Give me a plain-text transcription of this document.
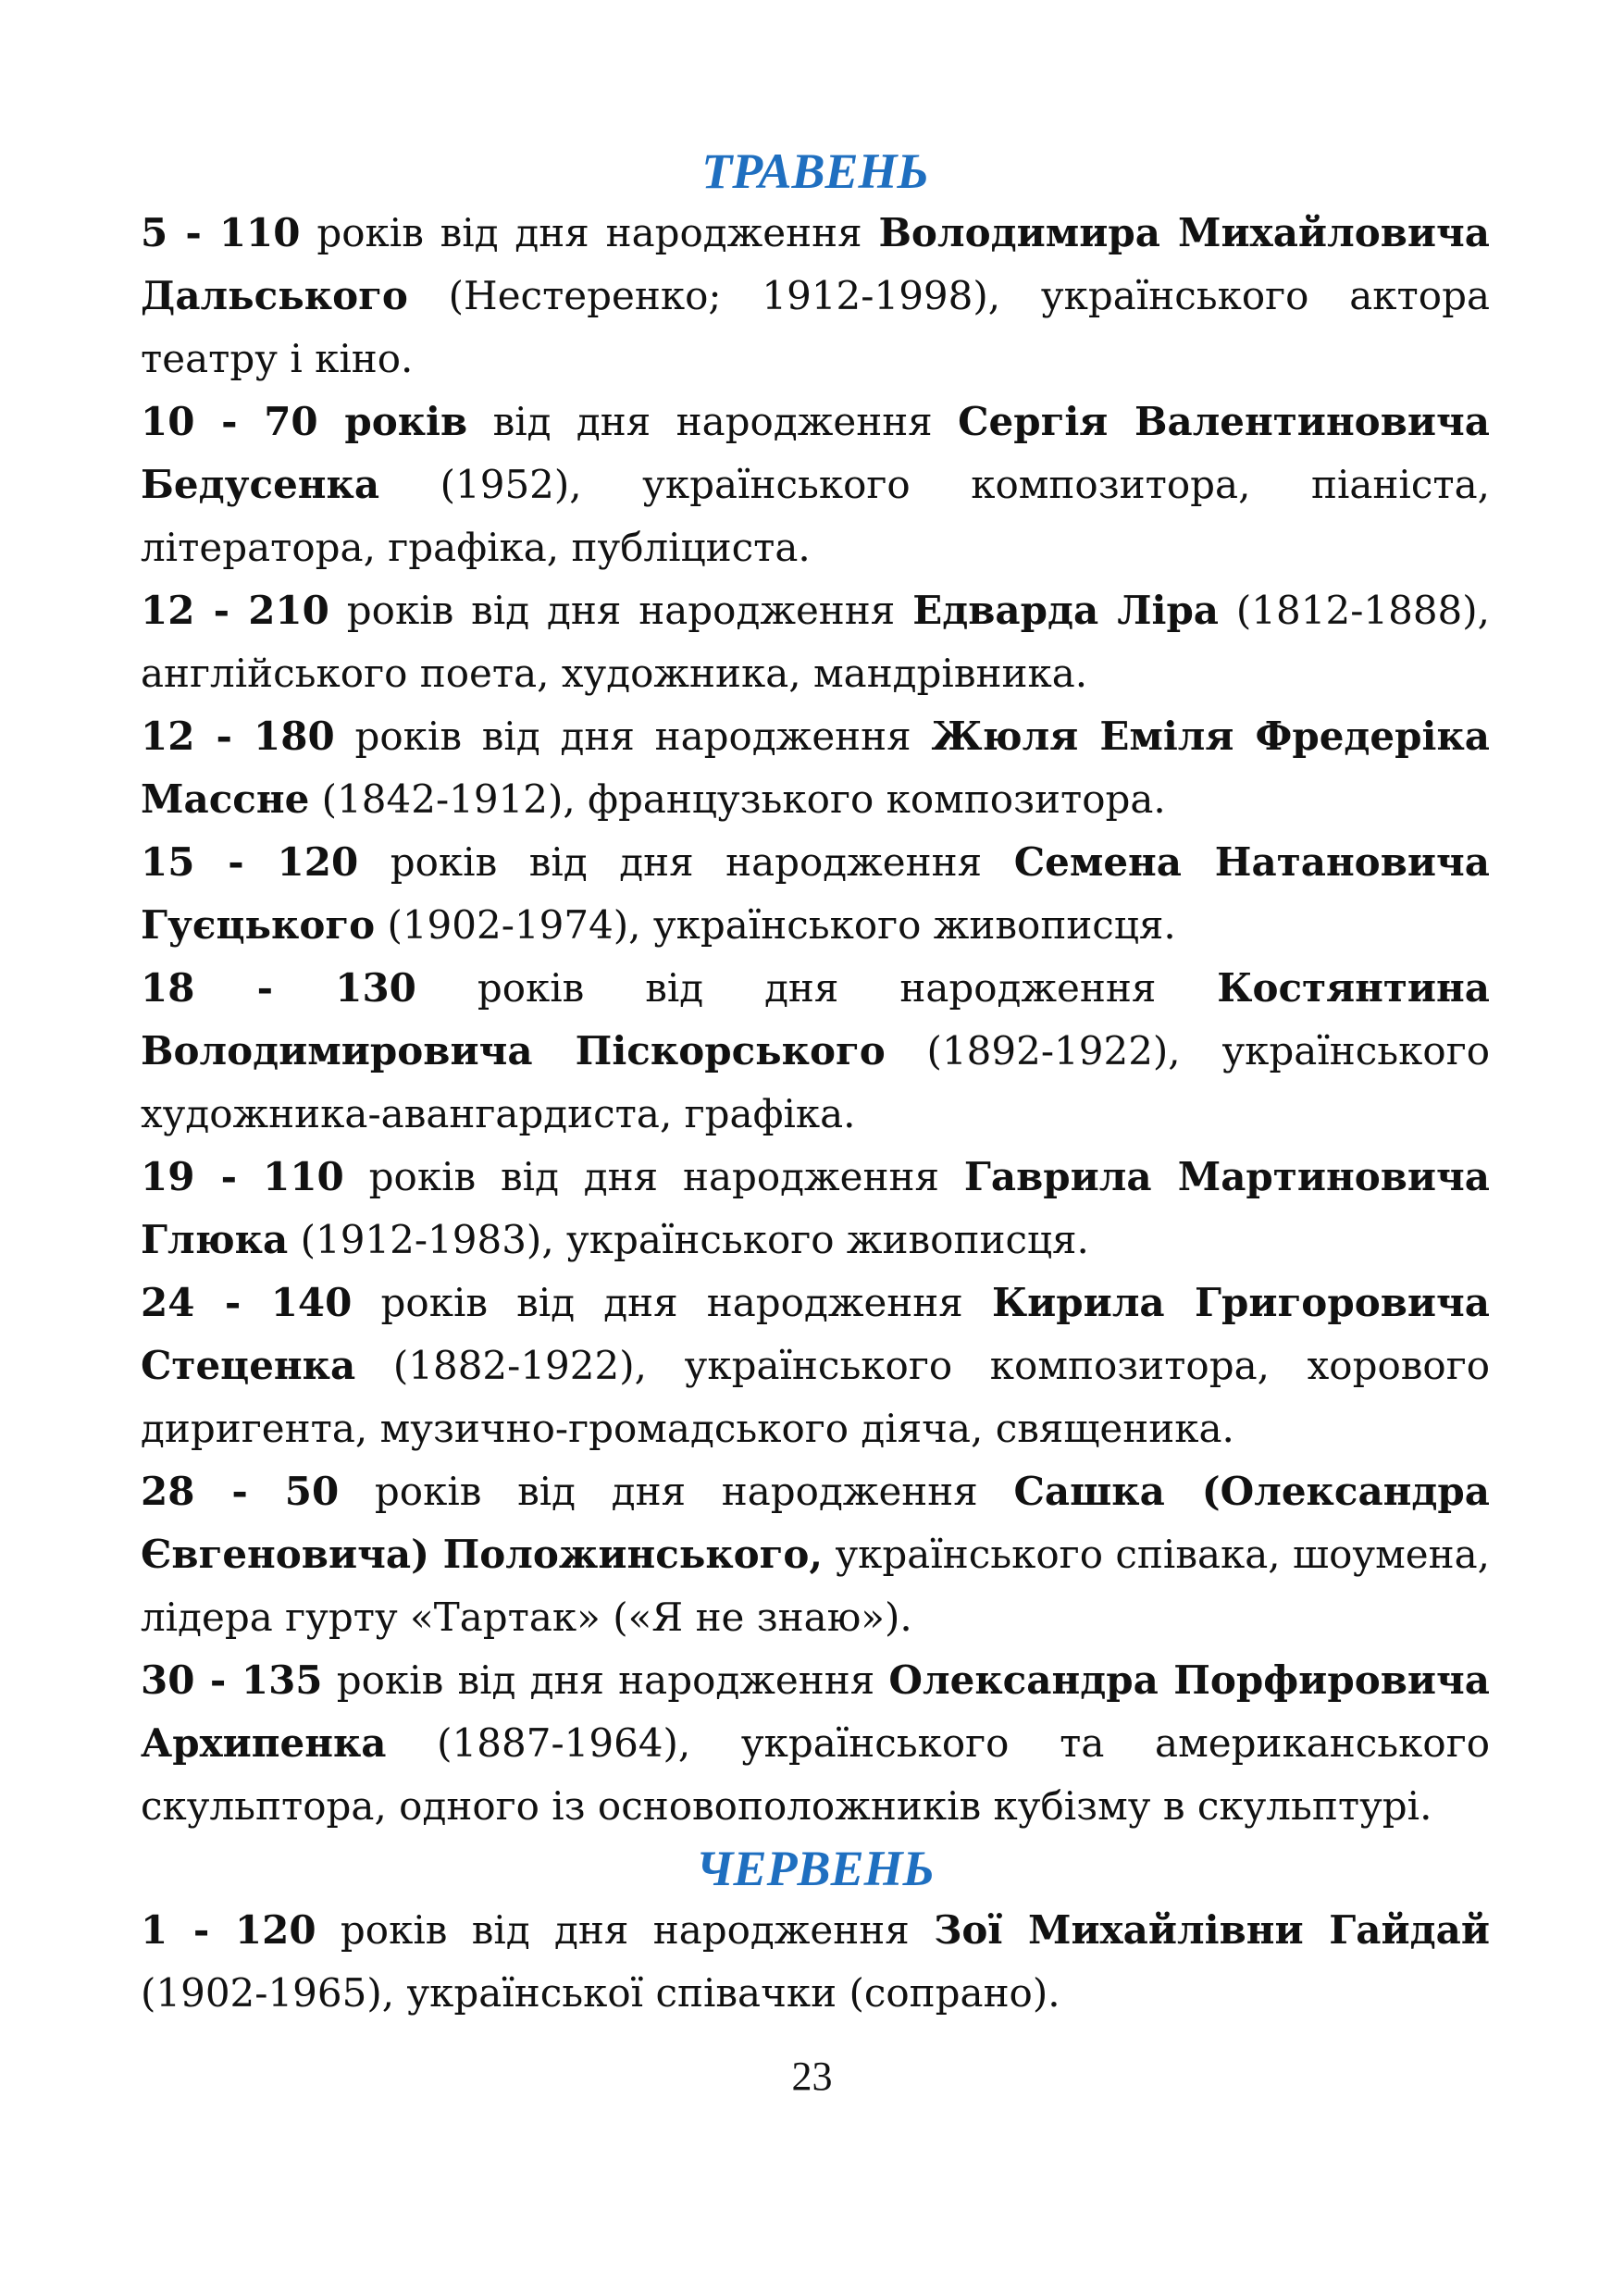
ТРАВЕНЬ

5 - 110 років від дня народження Володимира Михайловича Дальського (Нестеренко; 1912-1998), українського актора театру і кіно.

10 - 70 років від дня народження Сергія Валентиновича Бедусенка (1952), українського композитора, піаніста, літератора, графіка, публіциста.

12 - 210 років від дня народження Едварда Ліра (1812-1888), англійського поета, художника, мандрівника.

12 - 180 років від дня народження Жюля Еміля Фредеріка Массне (1842-1912), французького композитора.

15 - 120 років від дня народження Семена Натановича Гуєцького (1902-1974), українського живописця.

18 - 130 років від дня народження Костянтина Володимировича Піскорського (1892-1922), українського художника-авангардиста, графіка.

19 - 110 років від дня народження Гаврила Мартиновича Глюка (1912-1983), українського живописця.

24 - 140 років від дня народження Кирила Григоровича Стеценка (1882-1922), українського композитора, хорового диригента, музично-громадського діяча, священика.

28 - 50 років від дня народження Сашка (Олександра Євгеновича) Положинського, українського співака, шоумена, лідера гурту «Тартак» («Я не знаю»).

30 - 135 років від дня народження Олександра Порфировича Архипенка (1887-1964), українського та американського скульптора, одного із основоположників кубізму в скульптурі.

ЧЕРВЕНЬ

1 - 120 років від дня народження Зої Михайлівни Гайдай (1902-1965), української співачки (сопрано).

23
